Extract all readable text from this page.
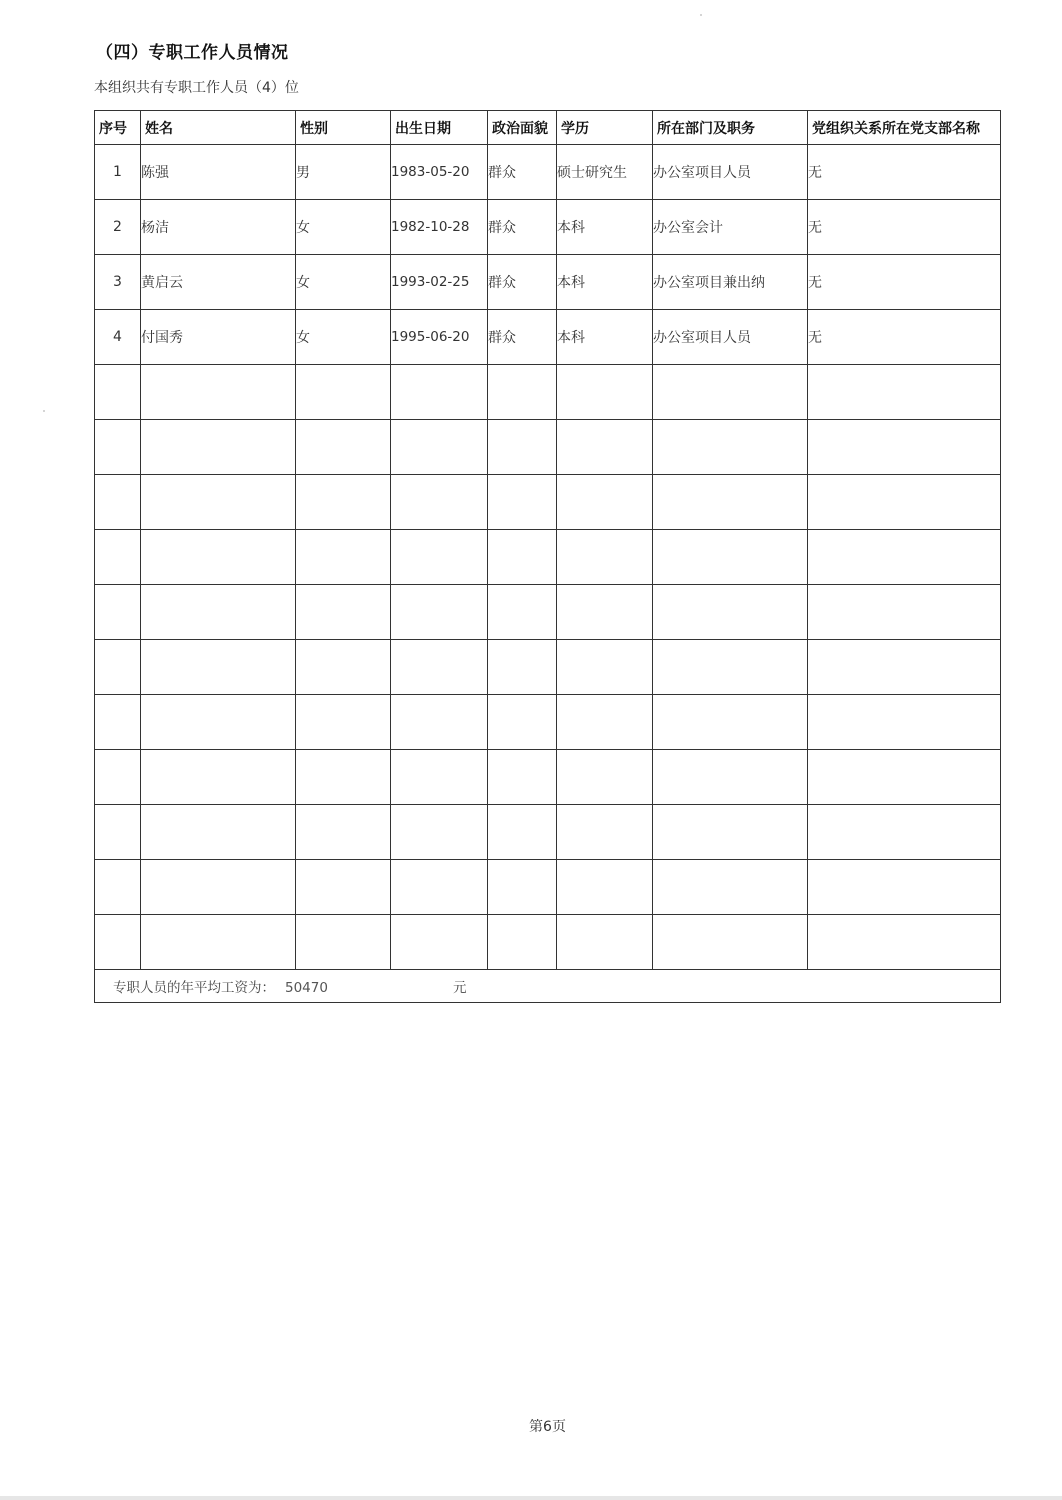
（四）专职工作人员情况
本组织共有专职工作人员（4）位
序号	姓名	性别	出生日期	政治面貌	学历	所在部门及职务	党组织关系所在党支部名称
1	陈强	男	1983-05-20	群众	硕士研究生	办公室项目人员	无
2	杨洁	女	1982-10-28	群众	本科	办公室会计	无
3	黄启云	女	1993-02-25	群众	本科	办公室项目兼出纳	无
4	付国秀	女	1995-06-20	群众	本科	办公室项目人员	无

专职人员的年平均工资为： 50470 元							
第6页
